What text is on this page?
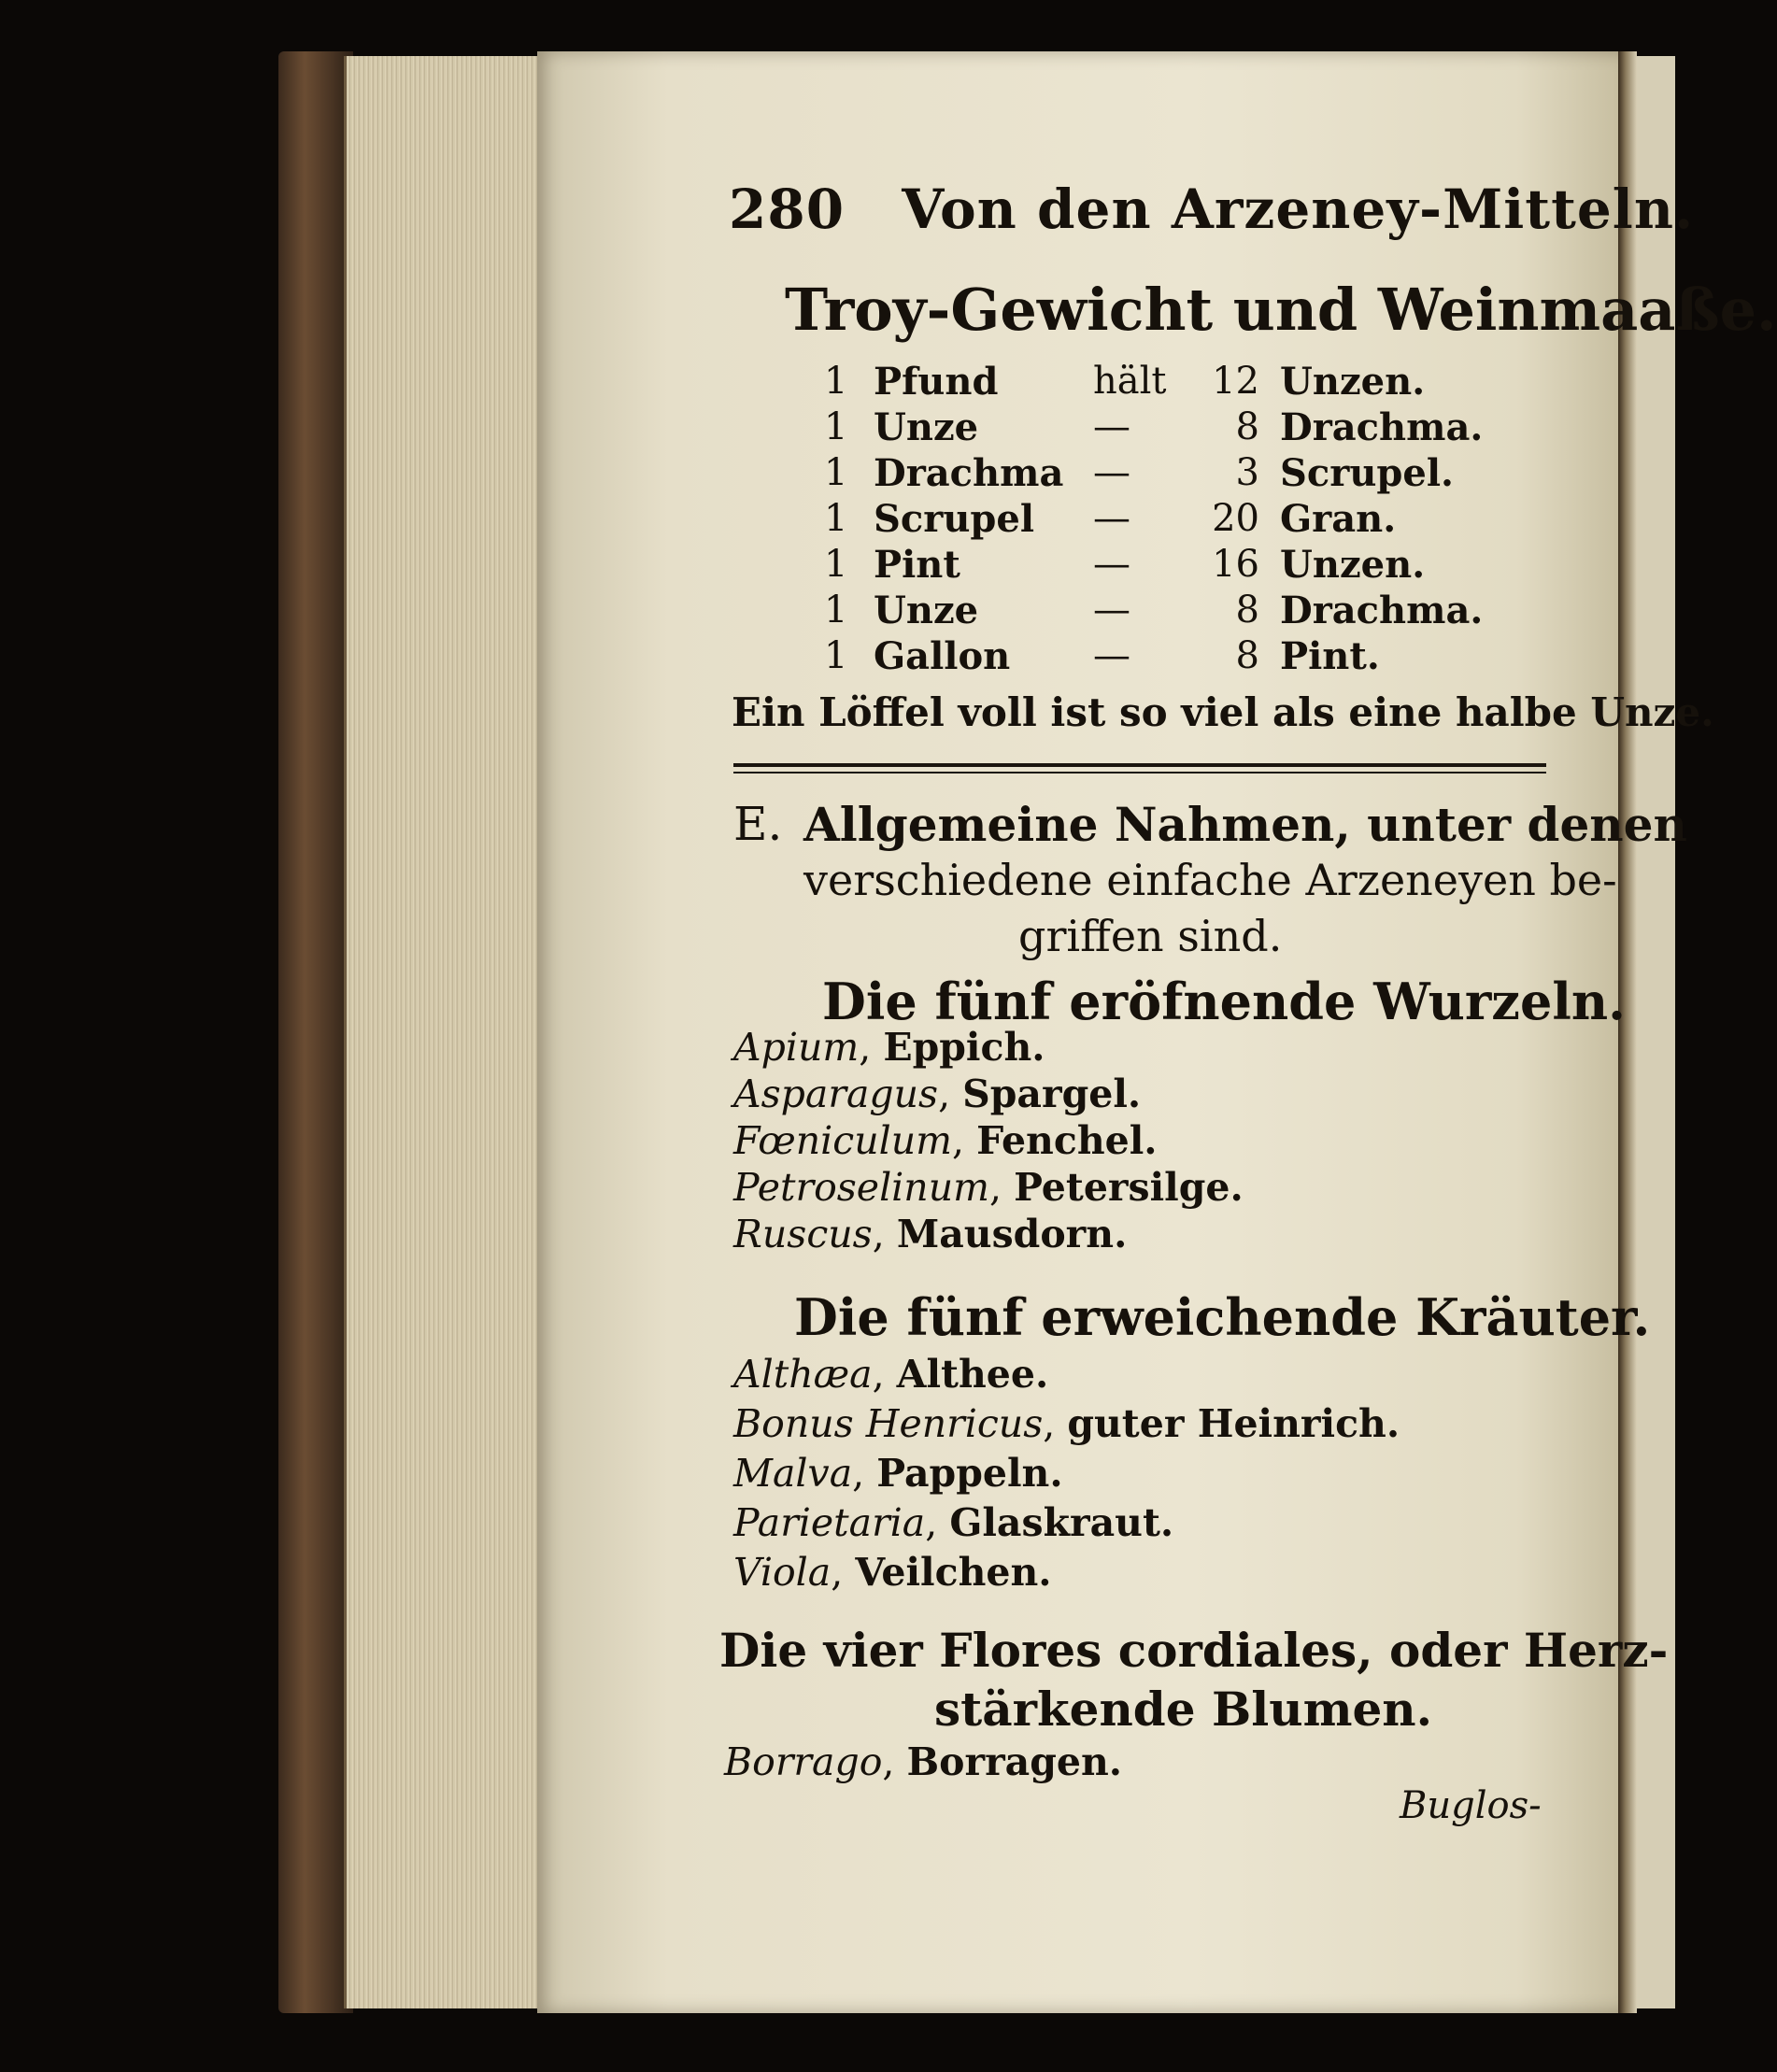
280 Von den Arzeney-Mitteln.
Troy-Gewicht und Weinmaaße.
1 Pfund	hält	12 Unzen.
1 Unze	—	8 Drachma.
1 Drachma —	3 Scrupel.
1 Scrupel —	20 Gran.
1 Pint	—	16 Unzen.
1 Unze	—	8 Drachma.
1 Gallon —	8 Pint.
Ein Löffel voll ist so viel als eine halbe Unze.
E. Allgemeine Nahmen, unter denen
verschiedene einfache Arzeneyen be-
griffen sind.
Die fünf eröfnende Wurzeln.
Apium, Eppich.
Asparagus, Spargel.
Fœniculum, Fenchel.
Petroselinum, Petersilge.
Ruscus, Mausdorn.
Die fünf erweichende Kräuter.
Althæa, Althee.
Bonus Henricus, guter Heinrich.
Malva, Pappeln.
Parietaria, Glaskraut.
Viola, Veilchen.
Die vier Flores cordiales, oder Herz-
stärkende Blumen.
Borrago, Borragen.
Buglos-
